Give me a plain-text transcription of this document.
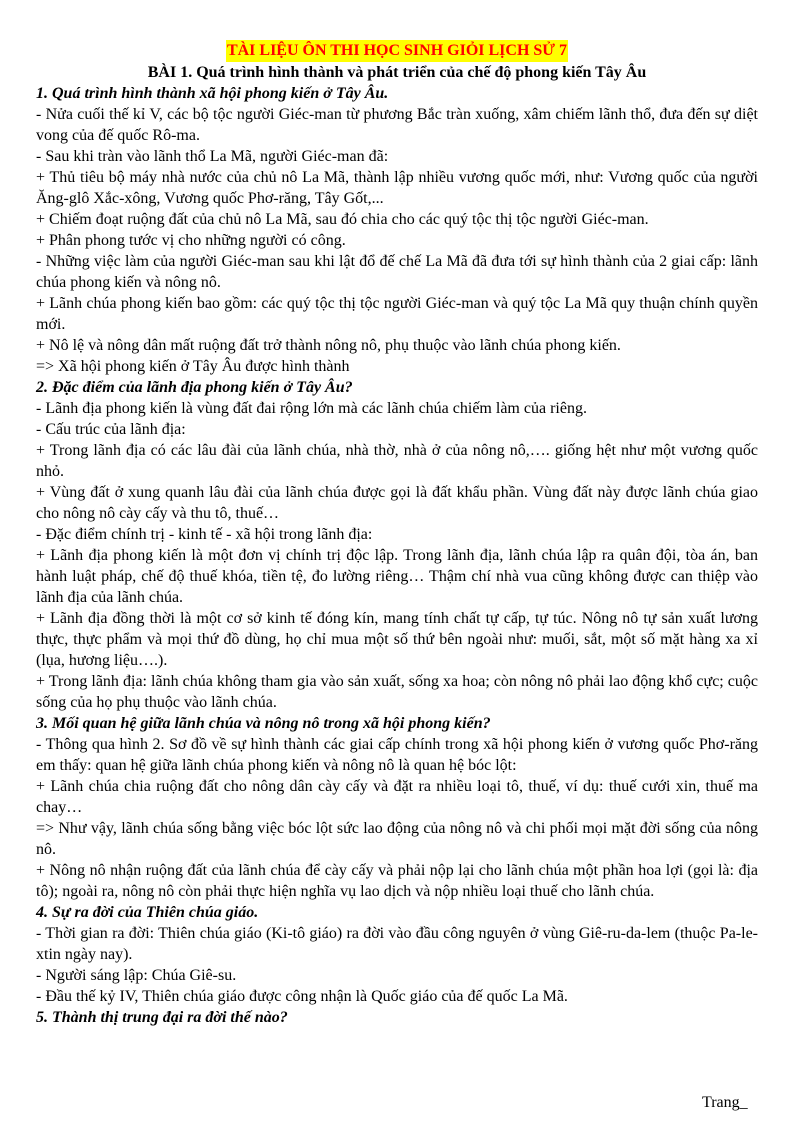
TÀI LIỆU ÔN THI HỌC SINH GIỎI LỊCH SỬ 7
BÀI 1. Quá trình hình thành và phát triển của chế độ phong kiến Tây Âu

1. Quá trình hình thành xã hội phong kiến ở Tây Âu.

- Nửa cuối thế kỉ V, các bộ tộc người Giéc-man từ phương Bắc tràn xuống, xâm chiếm lãnh thổ, đưa đến sự diệt vong của đế quốc Rô-ma.

- Sau khi tràn vào lãnh thổ La Mã, người Giéc-man đã:

+ Thủ tiêu bộ máy nhà nước của chủ nô La Mã, thành lập nhiều vương quốc mới, như: Vương quốc của người Ăng-glô Xắc-xông, Vương quốc Phơ-răng, Tây Gốt,...

+ Chiếm đoạt ruộng đất của chủ nô La Mã, sau đó chia cho các quý tộc thị tộc người Giéc-man.

+ Phân phong tước vị cho những người có công.

- Những việc làm của người Giéc-man sau khi lật đổ đế chế La Mã đã đưa tới sự hình thành của 2 giai cấp: lãnh chúa phong kiến và nông nô.

+ Lãnh chúa phong kiến bao gồm: các quý tộc thị tộc người Giéc-man và quý tộc La Mã quy thuận chính quyền mới.

+ Nô lệ và nông dân mất ruộng đất trở thành nông nô, phụ thuộc vào lãnh chúa phong kiến.

=> Xã hội phong kiến ở Tây Âu được hình thành

2. Đặc điểm của lãnh địa phong kiến ở Tây Âu?

- Lãnh địa phong kiến là vùng đất đai rộng lớn mà các lãnh chúa chiếm làm của riêng.

- Cấu trúc của lãnh địa:

+ Trong lãnh địa có các lâu đài của lãnh chúa, nhà thờ, nhà ở của nông nô,…. giống hệt như một vương quốc nhỏ.

+ Vùng đất ở xung quanh lâu đài của lãnh chúa được gọi là đất khẩu phần. Vùng đất này được lãnh chúa giao cho nông nô cày cấy và thu tô, thuế…

- Đặc điểm chính trị - kinh tế - xã hội trong lãnh địa:

+ Lãnh địa phong kiến là một đơn vị chính trị độc lập. Trong lãnh địa, lãnh chúa lập ra quân đội, tòa án, ban hành luật pháp, chế độ thuế khóa, tiền tệ, đo lường riêng… Thậm chí nhà vua cũng không được can thiệp vào lãnh địa của lãnh chúa.

+ Lãnh địa đồng thời là một cơ sở kinh tế đóng kín, mang tính chất tự cấp, tự túc. Nông nô tự sản xuất lương thực, thực phẩm và mọi thứ đồ dùng, họ chỉ mua một số thứ bên ngoài như: muối, sắt, một số mặt hàng xa xỉ (lụa, hương liệu….).

+ Trong lãnh địa: lãnh chúa không tham gia vào sản xuất, sống xa hoa; còn nông nô phải lao động khổ cực; cuộc sống của họ phụ thuộc vào lãnh chúa.

3. Mối quan hệ giữa lãnh chúa và nông nô trong xã hội phong kiến?

- Thông qua hình 2. Sơ đồ về sự hình thành các giai cấp chính trong xã hội phong kiến ở vương quốc Phơ-răng em thấy: quan hệ giữa lãnh chúa phong kiến và nông nô là quan hệ bóc lột:

+ Lãnh chúa chia ruộng đất cho nông dân cày cấy và đặt ra nhiều loại tô, thuế, ví dụ: thuế cưới xin, thuế ma chay…

=> Như vậy, lãnh chúa sống bằng việc bóc lột sức lao động của nông nô và chi phối mọi mặt đời sống của nông nô.

+ Nông nô nhận ruộng đất của lãnh chúa để cày cấy và phải nộp lại cho lãnh chúa một phần hoa lợi (gọi là: địa tô); ngoài ra, nông nô còn phải thực hiện nghĩa vụ lao dịch và nộp nhiều loại thuế cho lãnh chúa.

4. Sự ra đời của Thiên chúa giáo.

- Thời gian ra đời: Thiên chúa giáo (Ki-tô giáo) ra đời vào đầu công nguyên ở vùng Giê-ru-da-lem (thuộc Pa-le-xtin ngày nay).

- Người sáng lập: Chúa Giê-su.

- Đầu thế kỷ IV, Thiên chúa giáo được công nhận là Quốc giáo của đế quốc La Mã.

5. Thành thị trung đại ra đời thế nào?

Trang_
